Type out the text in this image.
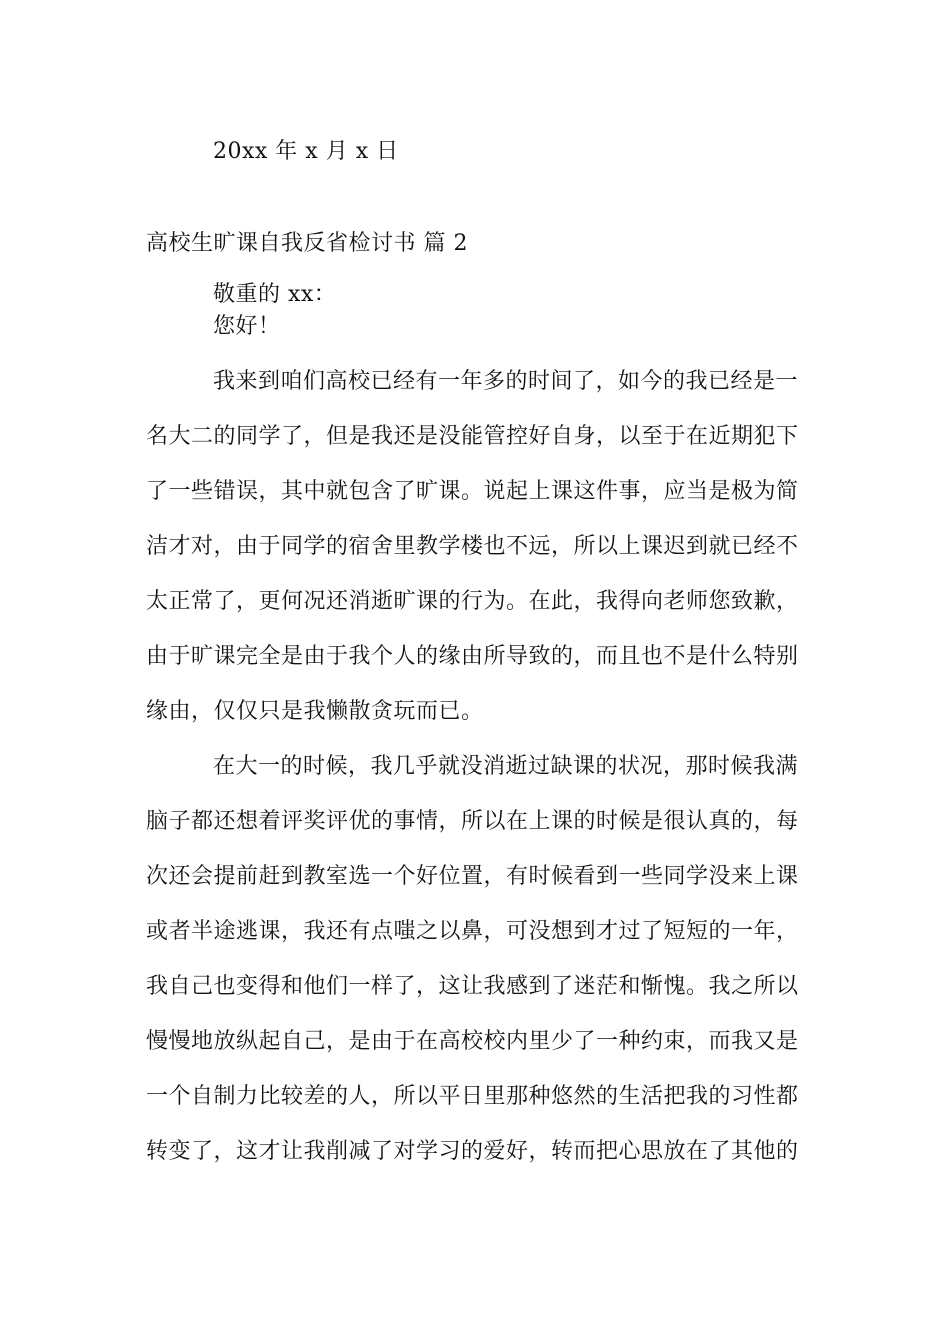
20xx 年 x 月 x 日
高校生旷课自我反省检讨书 篇 2
敬重的 xx：
您好！
我来到咱们高校已经有一年多的时间了，如今的我已经是一
名大二的同学了，但是我还是没能管控好自身，以至于在近期犯下
了一些错误，其中就包含了旷课。说起上课这件事，应当是极为简
洁才对，由于同学的宿舍里教学楼也不远，所以上课迟到就已经不
太正常了，更何况还消逝旷课的行为。在此，我得向老师您致歉，
由于旷课完全是由于我个人的缘由所导致的，而且也不是什么特别
缘由，仅仅只是我懒散贪玩而已。
在大一的时候，我几乎就没消逝过缺课的状况，那时候我满
脑子都还想着评奖评优的事情，所以在上课的时候是很认真的，每
次还会提前赶到教室选一个好位置，有时候看到一些同学没来上课
或者半途逃课，我还有点嗤之以鼻，可没想到才过了短短的一年，
我自己也变得和他们一样了，这让我感到了迷茫和惭愧。我之所以
慢慢地放纵起自己，是由于在高校校内里少了一种约束，而我又是
一个自制力比较差的人，所以平日里那种悠然的生活把我的习性都
转变了，这才让我削减了对学习的爱好，转而把心思放在了其他的
